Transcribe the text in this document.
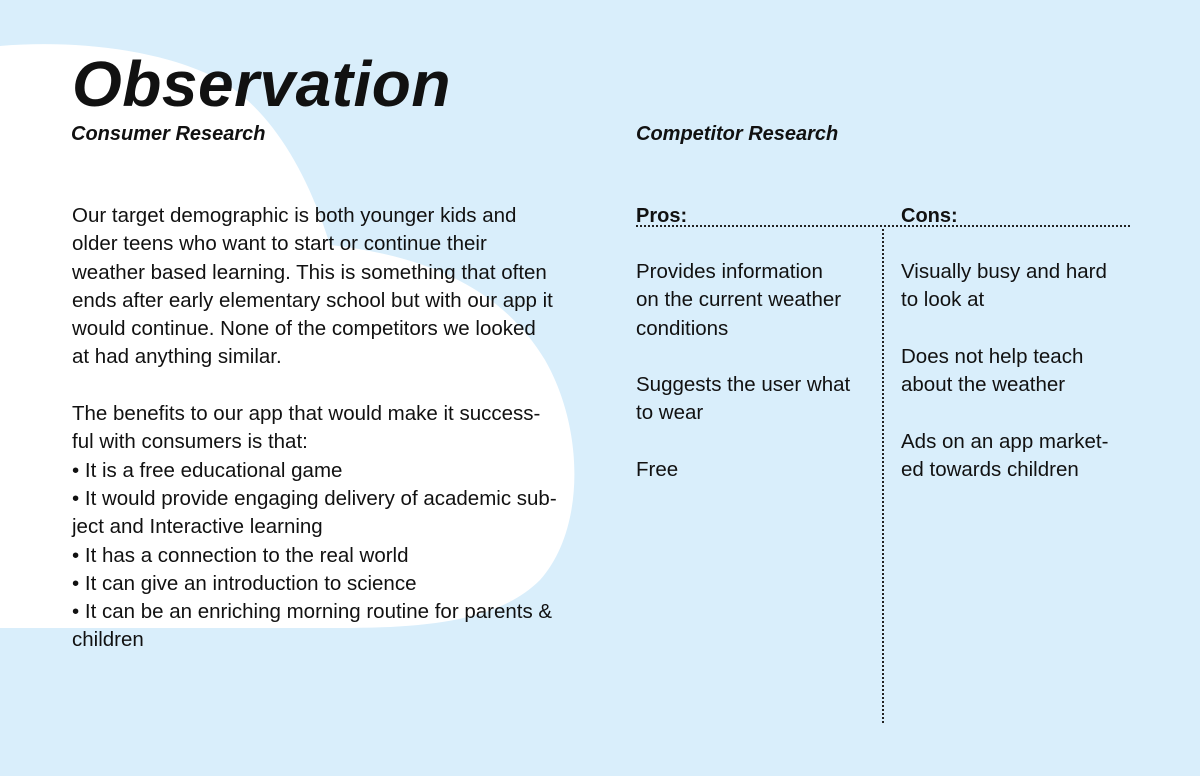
Observation
Consumer Research	Competitor Research

Our target demographic is both younger kids and
older teens who want to start or continue their
weather based learning. This is something that often
ends after early elementary school but with our app it
would continue. None of the competitors we looked
at had anything similar.

The benefits to our app that would make it success-
ful with consumers is that:

• It is a free educational game
• It would provide engaging delivery of academic sub-
ject and Interactive learning
• It has a connection to the real world
• It can give an introduction to science
• It can be an enriching morning routine for parents &
children
Pros:	Cons:
Provides information
on the current weather
conditions
Suggests the user what
to wear
Free
Visually busy and hard
to look at
Does not help teach
about the weather
Ads on an app market-
ed towards children
